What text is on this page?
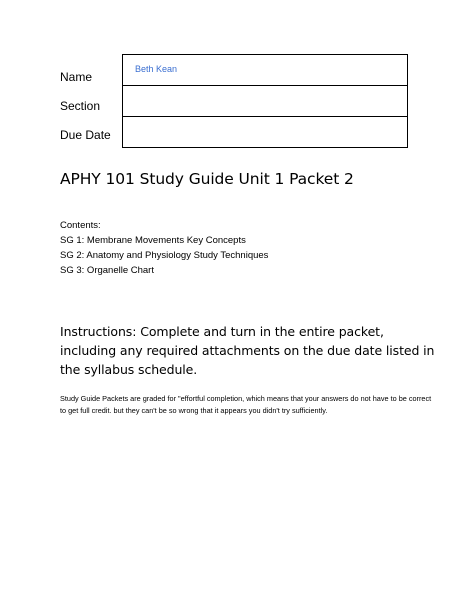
Name
Beth Kean
Section
Due Date
APHY 101 Study Guide Unit 1 Packet 2
Contents:
SG 1: Membrane Movements Key Concepts
SG 2: Anatomy and Physiology Study Techniques
SG 3: Organelle Chart
Instructions: Complete and turn in the entire packet, including any required attachments on the due date listed in the syllabus schedule.
Study Guide Packets are graded for "effortful completion, which means that your answers do not have to be correct to get full credit. but they can't be so wrong that it appears you didn't try sufficiently.
